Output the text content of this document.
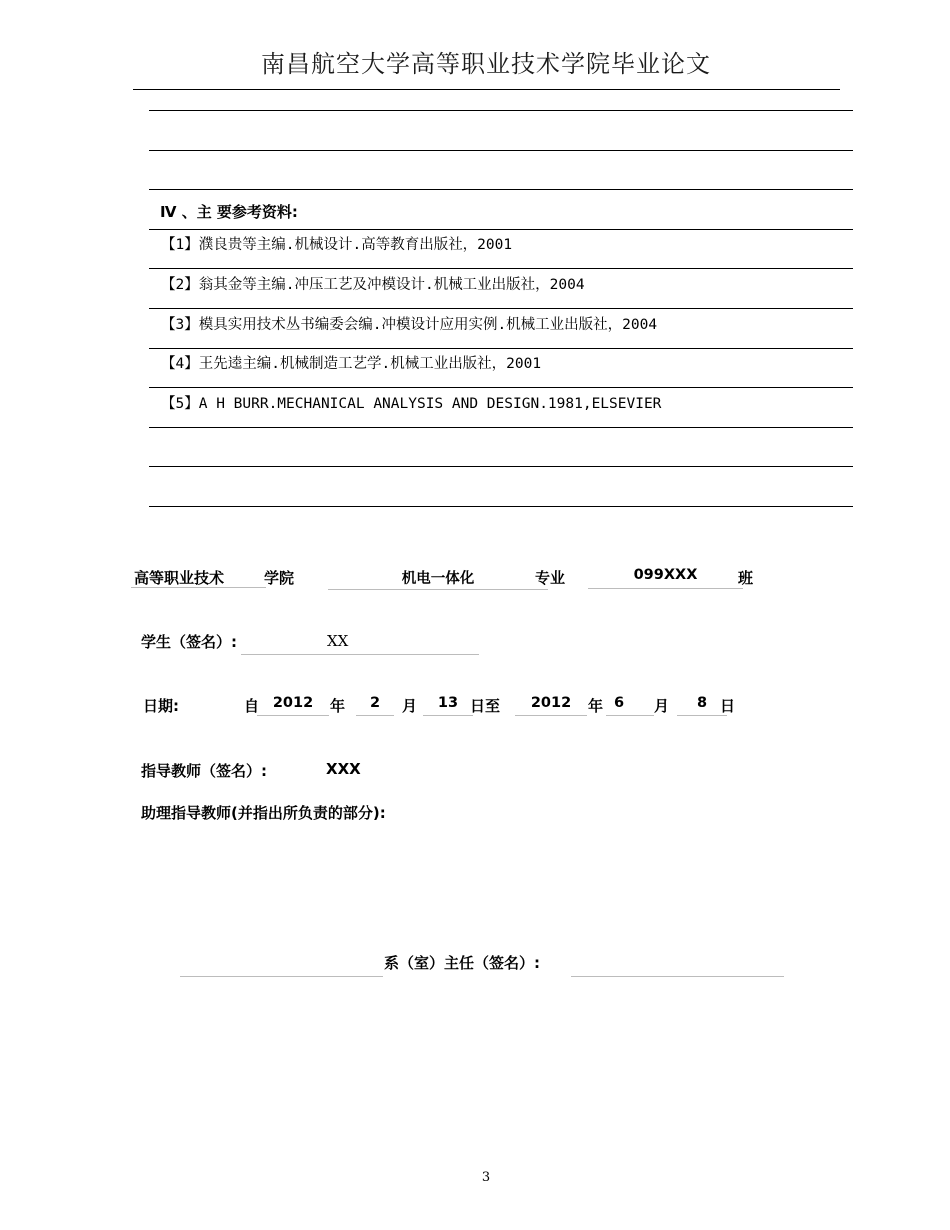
南昌航空大学高等职业技术学院毕业论文
Ⅳ 、主 要参考资料:
【1】濮良贵等主编.机械设计.高等教育出版社，2001
【2】翁其金等主编.冲压工艺及冲模设计.机械工业出版社，2004
【3】模具实用技术丛书编委会编.冲模设计应用实例.机械工业出版社，2004
【4】王先逵主编.机械制造工艺学.机械工业出版社，2001
【5】A H BURR.MECHANICAL ANALYSIS AND DESIGN.1981,ELSEVIER
高等职业技术	学院	机电一体化	专业	099XXX	班
学生（签名）:	XX
日期:	自 2012	年	2	月	13 日至	2012	年 6	月	8 日
指导教师（签名）:	XXX
助理指导教师(并指出所负责的部分):
系（室）主任（签名）:
3
